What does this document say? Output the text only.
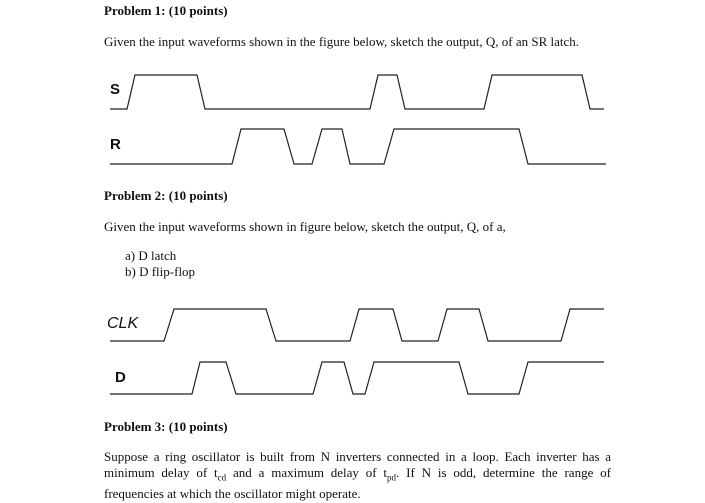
Problem 1: (10 points)

Given the input waveforms shown in the figure below, sketch the output, Q, of an SR latch.

S

R

Problem 2: (10 points)

Given the input waveforms shown in figure below, sketch the output, Q, of a,

a) D latch

b) D flip-flop

CLK

D

Problem 3: (10 points)

Suppose a ring oscillator is built from N inverters connected in a loop. Each inverter has a minimum delay of $t_{cd}$ and a maximum delay of $t_{pd}$. If N is odd, determine the range of frequencies at which the oscillator might operate.
